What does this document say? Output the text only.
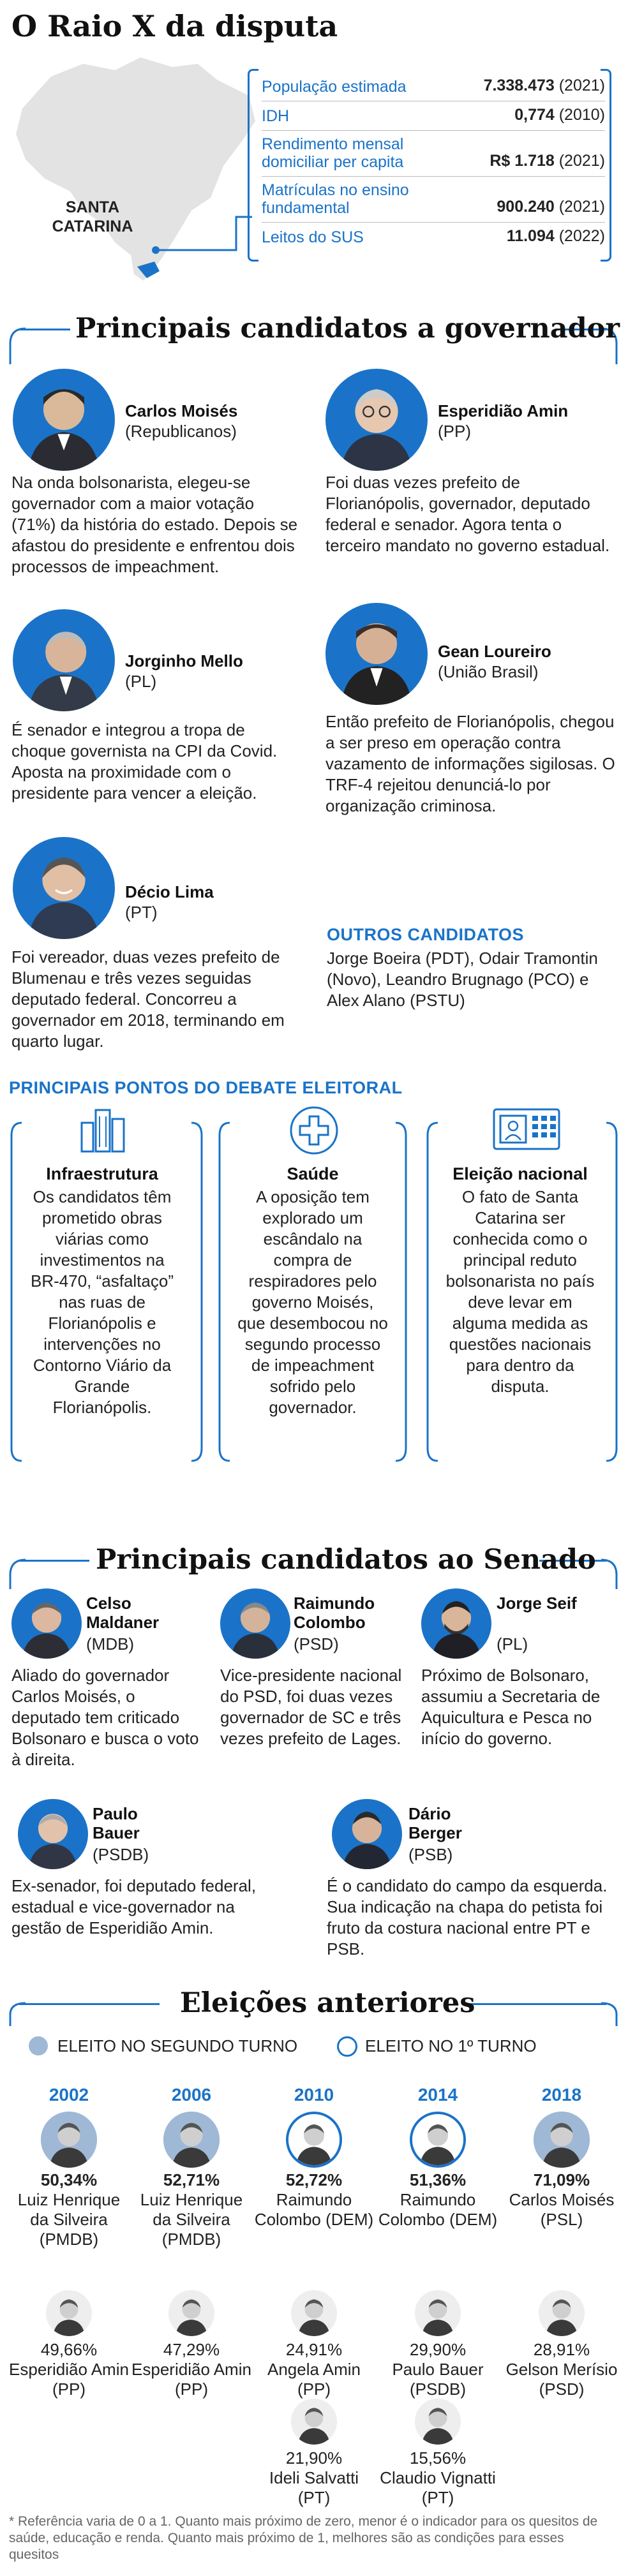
O Raio X da disputa
SANTA
CATARINA
População estimada	7.338.473 (2021)
IDH	0,774 (2010)
Rendimento mensal domiciliar per capita	R$ 1.718 (2021)
Matrículas no ensino fundamental	900.240 (2021)
Leitos do SUS	11.094 (2022)
Principais candidatos a governador
Carlos Moisés
(Republicanos)
Na onda bolsonarista, elegeu-se governador com a maior votação (71%) da história do estado. Depois se afastou do presidente e enfrentou dois processos de impeachment.
Esperidião Amin
(PP)
Foi duas vezes prefeito de Florianópolis, governador, deputado federal e senador. Agora tenta o terceiro mandato no governo estadual.
Jorginho Mello
(PL)
É senador e integrou a tropa de choque governista na CPI da Covid. Aposta na proximidade com o presidente para vencer a eleição.
Gean Loureiro
(União Brasil)
Então prefeito de Florianópolis, chegou a ser preso em operação contra vazamento de informações sigilosas. O TRF-4 rejeitou denunciá-lo por organização criminosa.
Décio Lima
(PT)
Foi vereador, duas vezes prefeito de Blumenau e três vezes seguidas deputado federal. Concorreu a governador em 2018, terminando em quarto lugar.
OUTROS CANDIDATOS
Jorge Boeira (PDT), Odair Tramontin (Novo), Leandro Brugnago (PCO) e Alex Alano (PSTU)
PRINCIPAIS PONTOS DO DEBATE ELEITORAL
Infraestrutura
Os candidatos têm prometido obras viárias como investimentos na BR-470, “asfaltaço” nas ruas de Florianópolis e intervenções no Contorno Viário da Grande Florianópolis.
Saúde
A oposição tem explorado um escândalo na compra de respiradores pelo governo Moisés, que desembocou no segundo processo de impeachment sofrido pelo governador.
Eleição nacional
O fato de Santa Catarina ser conhecida como o principal reduto bolsonarista no país deve levar em alguma medida as questões nacionais para dentro da disputa.
Principais candidatos ao Senado
Celso Maldaner
(MDB)
Aliado do governador Carlos Moisés, o deputado tem criticado Bolsonaro e busca o voto à direita.
Raimundo Colombo
(PSD)
Vice-presidente nacional do PSD, foi duas vezes governador de SC e três vezes prefeito de Lages.
Jorge Seif
(PL)
Próximo de Bolsonaro, assumiu a Secretaria de Aquicultura e Pesca no início do governo.
Paulo Bauer
(PSDB)
Ex-senador, foi deputado federal, estadual e vice-governador na gestão de Esperidião Amin.
Dário Berger
(PSB)
É o candidato do campo da esquerda. Sua indicação na chapa do petista foi fruto da costura nacional entre PT e PSB.
Eleições anteriores
ELEITO NO SEGUNDO TURNO	ELEITO NO 1º TURNO
2002
50,34%
Luiz Henrique da Silveira (PMDB)
49,66%
Esperidião Amin (PP)
2006
52,71%
Luiz Henrique da Silveira (PMDB)
47,29%
Esperidião Amin (PP)
2010
52,72%
Raimundo Colombo (DEM)
24,91%
Angela Amin (PP)
21,90%
Ideli Salvatti (PT)
2014
51,36%
Raimundo Colombo (DEM)
29,90%
Paulo Bauer (PSDB)
15,56%
Claudio Vignatti (PT)
2018
71,09%
Carlos Moisés (PSL)
28,91%
Gelson Merísio (PSD)
* Referência varia de 0 a 1. Quanto mais próximo de zero, menor é o indicador para os quesitos de saúde, educação e renda. Quanto mais próximo de 1, melhores são as condições para esses quesitos
